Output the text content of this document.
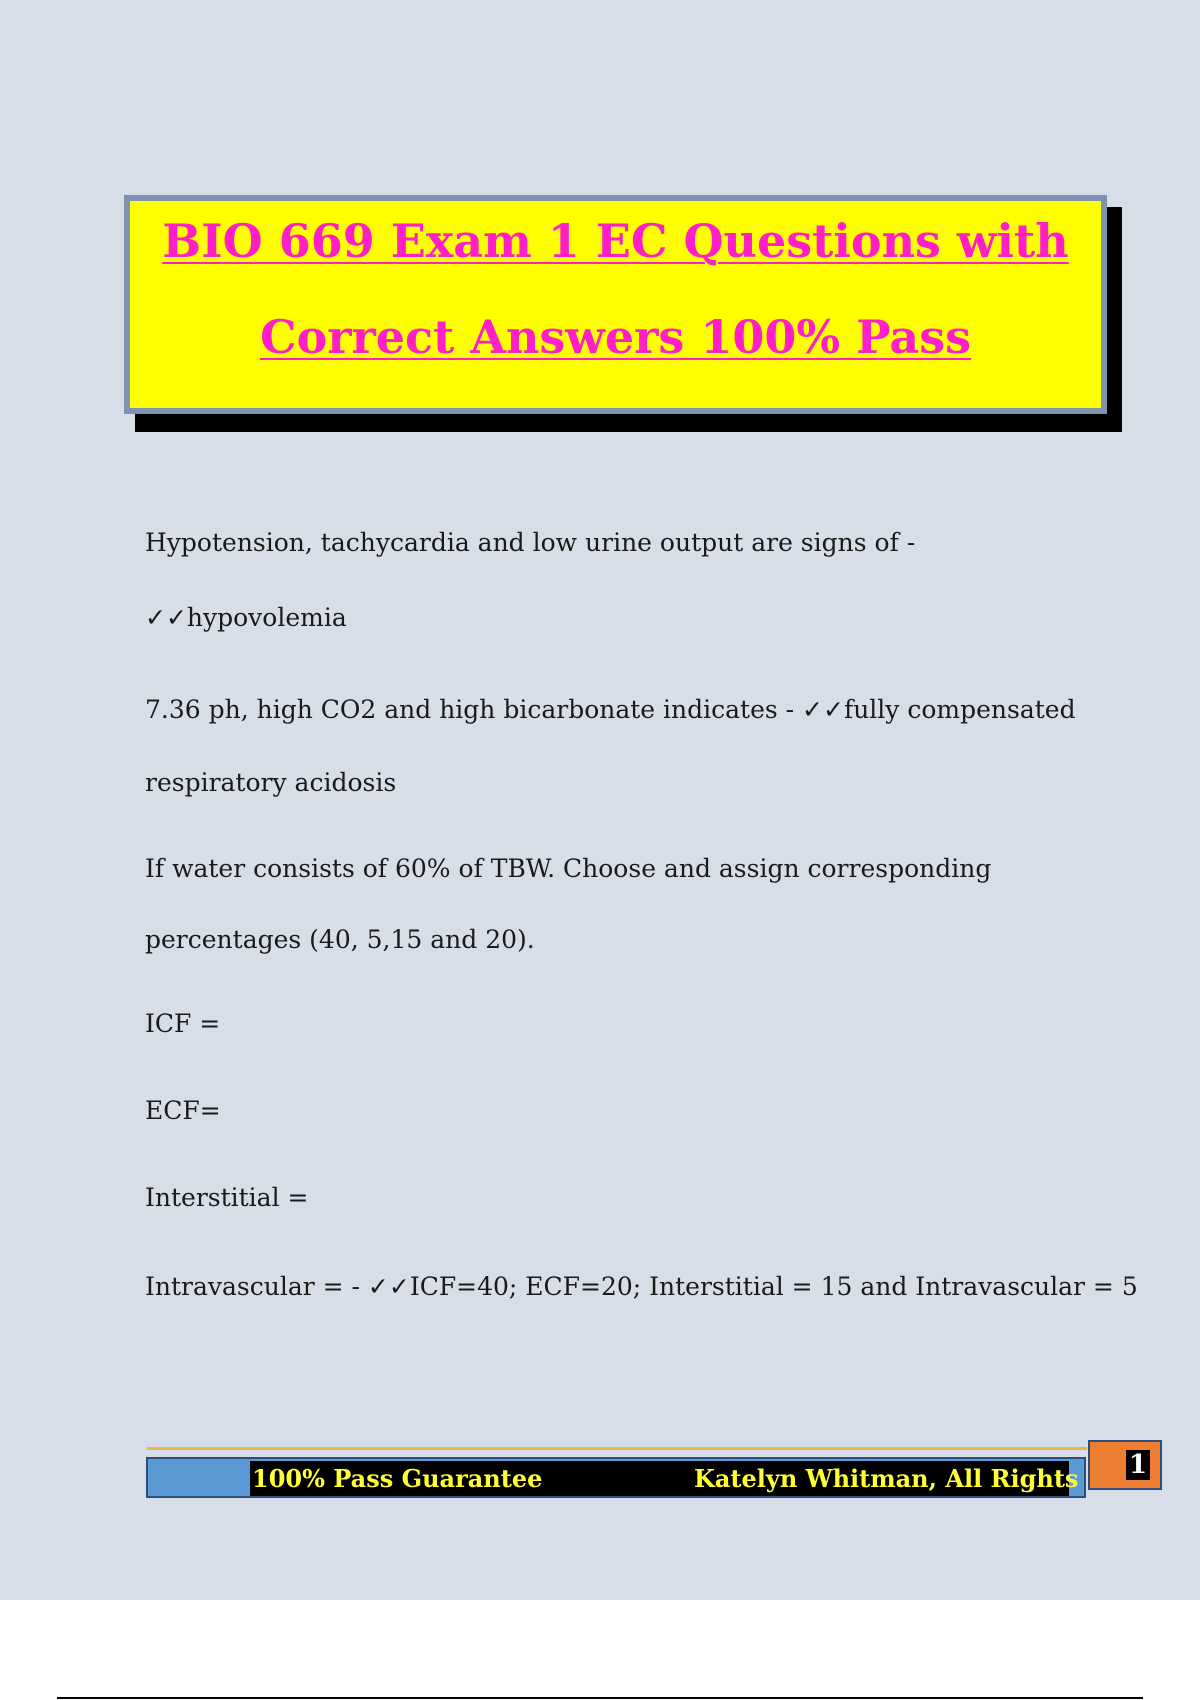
BIO 669 Exam 1 EC Questions with
Correct Answers 100% Pass
Hypotension, tachycardia and low urine output are signs of -
✓✓hypovolemia
7.36 ph, high CO2 and high bicarbonate indicates - ✓✓fully compensated
respiratory acidosis
If water consists of 60% of TBW. Choose and assign corresponding
percentages (40, 5,15 and 20).
ICF =
ECF=
Interstitial =
Intravascular = - ✓✓ICF=40; ECF=20; Interstitial = 15 and Intravascular = 5
100% Pass Guarantee	Katelyn Whitman, All Rights 1
